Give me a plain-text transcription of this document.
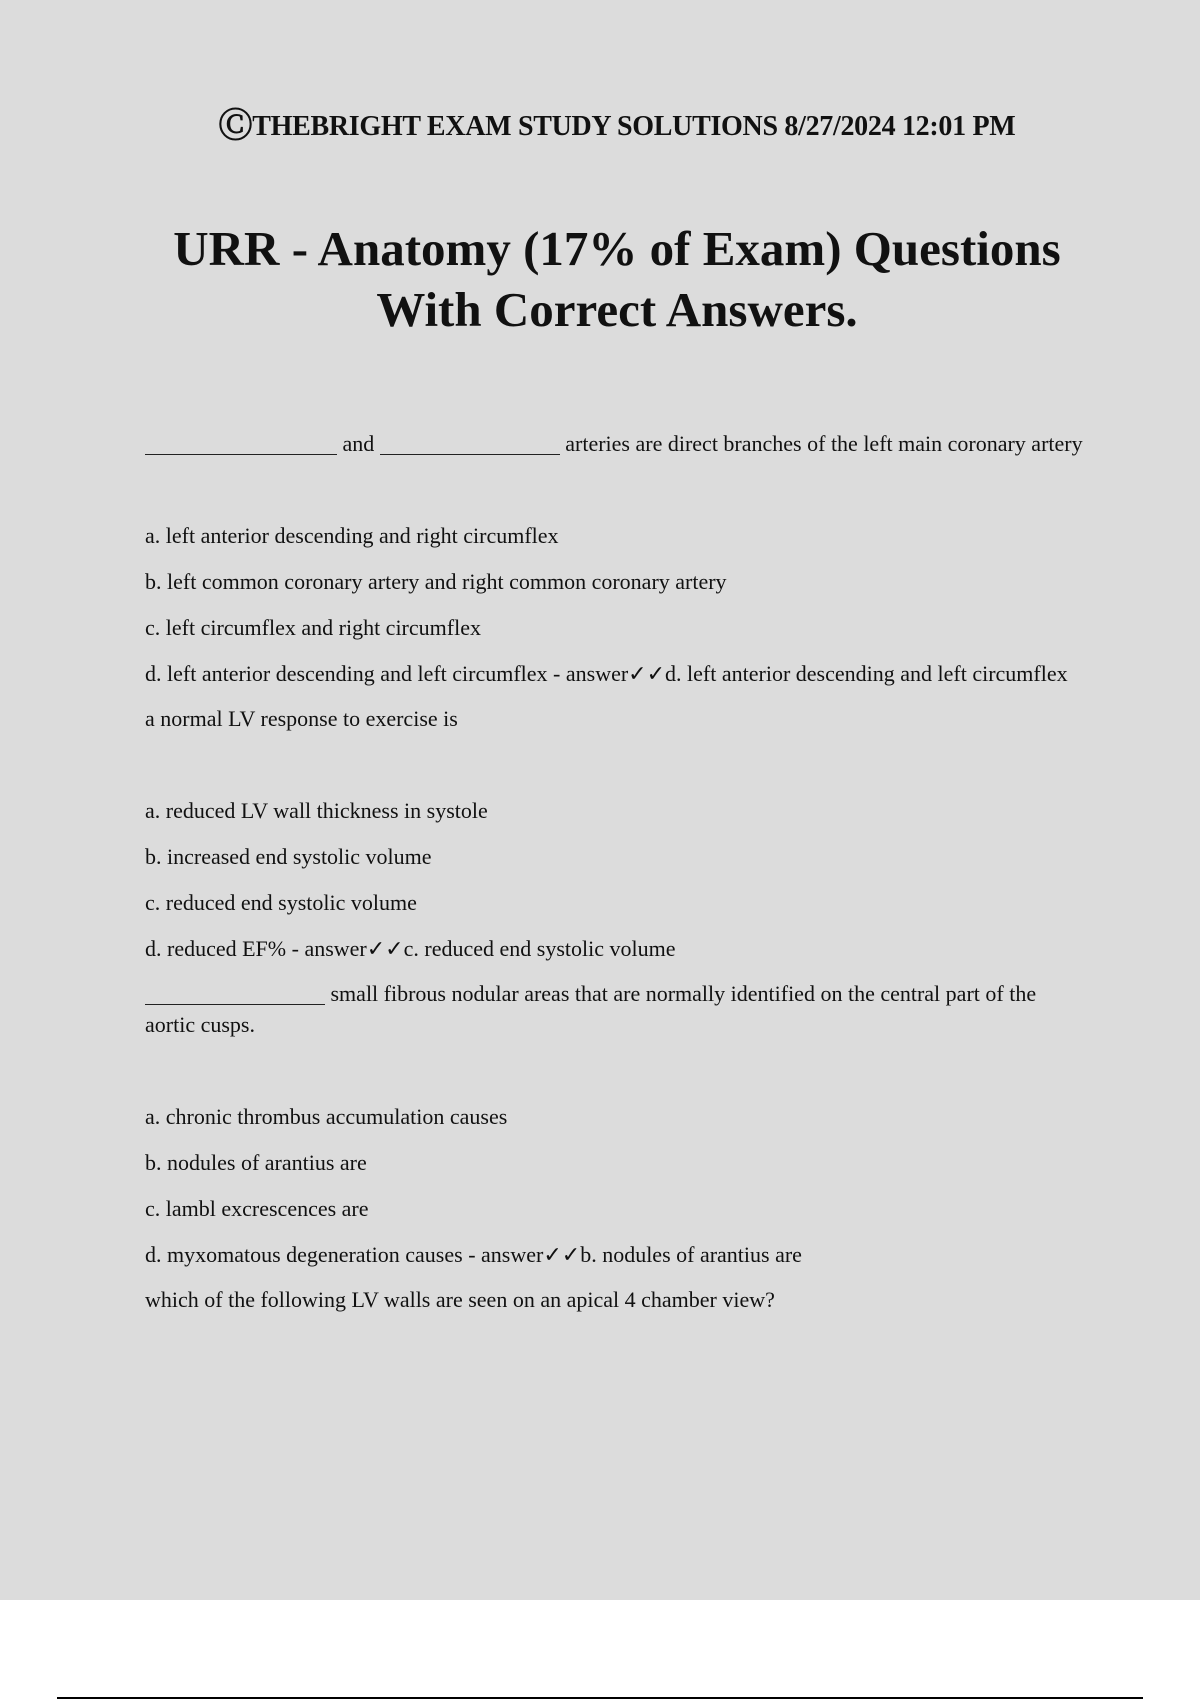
ⒸTHEBRIGHT EXAM STUDY SOLUTIONS 8/27/2024 12:01 PM
URR - Anatomy (17% of Exam) Questions
With Correct Answers.

and	arteries are direct branches of the left main coronary artery

a. left anterior descending and right circumflex

b. left common coronary artery and right common coronary artery

c. left circumflex and right circumflex

d. left anterior descending and left circumflex - answer✓✓d. left anterior descending and left circumflex

a normal LV response to exercise is

a. reduced LV wall thickness in systole

b. increased end systolic volume

c. reduced end systolic volume

d. reduced EF% - answer✓✓c. reduced end systolic volume

small fibrous nodular areas that are normally identified on the central part of the aortic cusps.

a. chronic thrombus accumulation causes

b. nodules of arantius are

c. lambl excrescences are

d. myxomatous degeneration causes - answer✓✓b. nodules of arantius are

which of the following LV walls are seen on an apical 4 chamber view?
